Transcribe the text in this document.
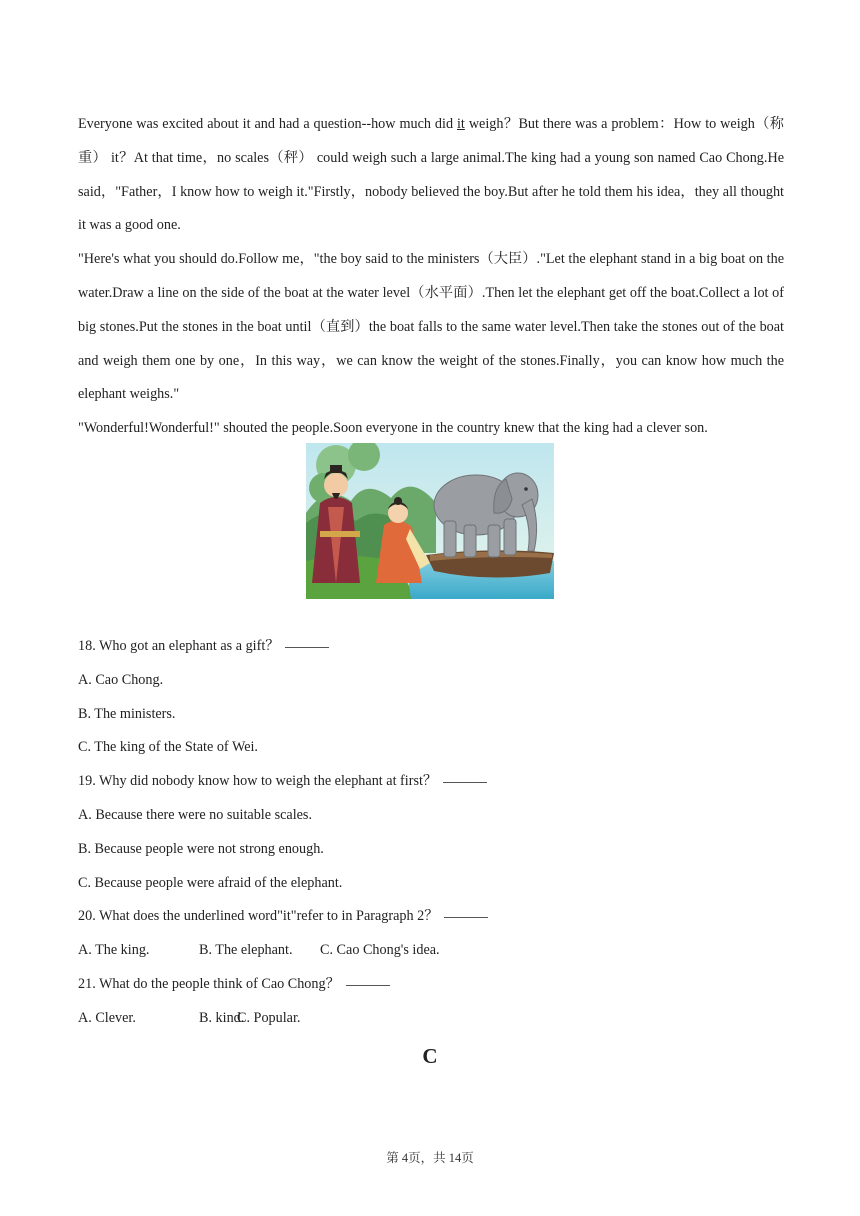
Everyone was excited about it and had a question--how much did it weigh？But there was a problem：How to weigh（称重） it？At that time，no scales（秤） could weigh such a large animal.The king had a young son named Cao Chong.He said，"Father，I know how to weigh it."Firstly，nobody believed the boy.But after he told them his idea，they all thought it was a good one.

"Here's what you should do.Follow me，"the boy said to the ministers（大臣）."Let the elephant stand in a big boat on the water.Draw a line on the side of the boat at the water level（水平面）.Then let the elephant get off the boat.Collect a lot of big stones.Put the stones in the boat until（直到）the boat falls to the same water level.Then take the stones out of the boat and weigh them one by one，In this way，we can know the weight of the stones.Finally，you can know how much the elephant weighs."

"Wonderful!Wonderful!" shouted the people.Soon everyone in the country knew that the king had a clever son.

18. Who got an elephant as a gift？

A. Cao Chong.

B. The ministers.

C. The king of the State of Wei.

19. Why did nobody know how to weigh the elephant at first？

A. Because there were no suitable scales.

B. Because people were not strong enough.

C. Because people were afraid of the elephant.

20. What does the underlined word"it"refer to in Paragraph 2？

A. The king.	B. The elephant. C. Cao Chong's idea.

21. What do the people think of Cao Chong？

A. Clever.	B. kind.C. Popular.

C
第 4页，共 14页
